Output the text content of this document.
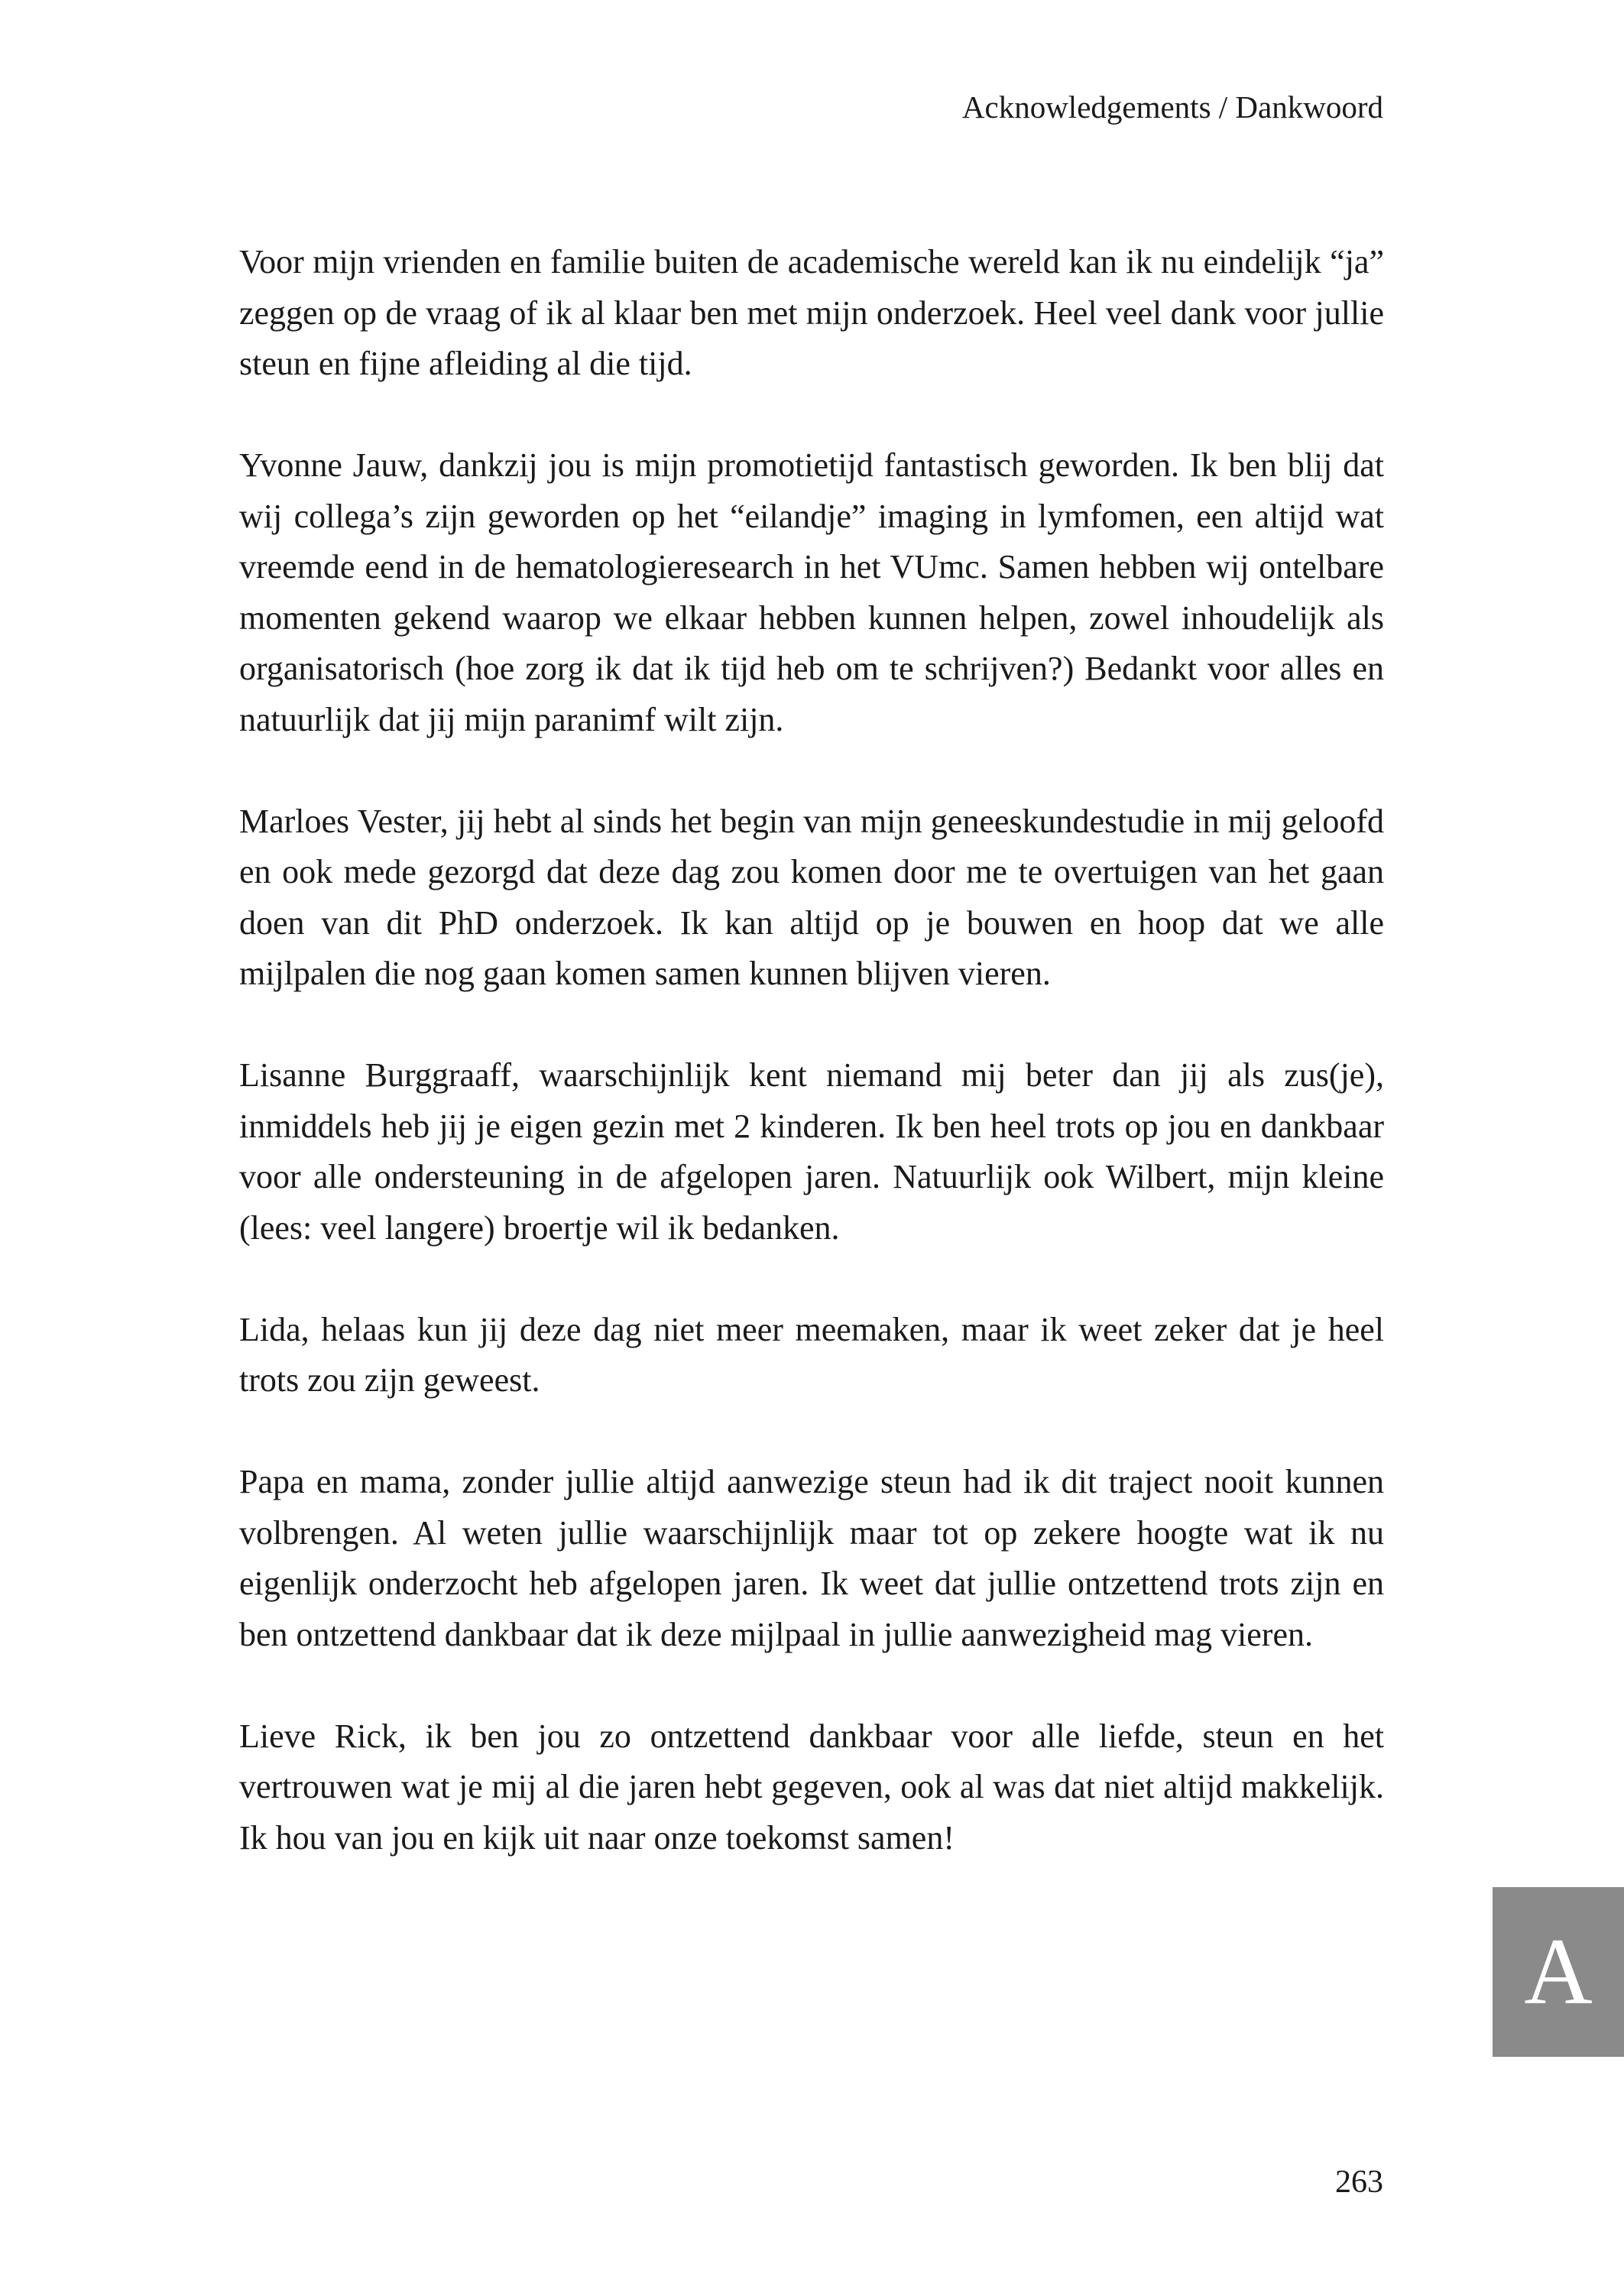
Acknowledgements / Dankwoord

Voor mijn vrienden en familie buiten de academische wereld kan ik nu eindelijk “ja” zeggen op de vraag of ik al klaar ben met mijn onderzoek. Heel veel dank voor jullie steun en fijne afleiding al die tijd.

Yvonne Jauw, dankzij jou is mijn promotietijd fantastisch geworden. Ik ben blij dat wij collega’s zijn geworden op het “eilandje” imaging in lymfomen, een altijd wat vreemde eend in de hematologieresearch in het VUmc. Samen hebben wij ontelbare momenten gekend waarop we elkaar hebben kunnen helpen, zowel inhoudelijk als organisatorisch (hoe zorg ik dat ik tijd heb om te schrijven?) Bedankt voor alles en natuurlijk dat jij mijn paranimf wilt zijn.

Marloes Vester, jij hebt al sinds het begin van mijn geneeskundestudie in mij geloofd en ook mede gezorgd dat deze dag zou komen door me te overtuigen van het gaan doen van dit PhD onderzoek. Ik kan altijd op je bouwen en hoop dat we alle mijlpalen die nog gaan komen samen kunnen blijven vieren.

Lisanne Burggraaff, waarschijnlijk kent niemand mij beter dan jij als zus(je), inmiddels heb jij je eigen gezin met 2 kinderen. Ik ben heel trots op jou en dankbaar voor alle ondersteuning in de afgelopen jaren. Natuurlijk ook Wilbert, mijn kleine (lees: veel langere) broertje wil ik bedanken.

Lida, helaas kun jij deze dag niet meer meemaken, maar ik weet zeker dat je heel trots zou zijn geweest.

Papa en mama, zonder jullie altijd aanwezige steun had ik dit traject nooit kunnen volbrengen. Al weten jullie waarschijnlijk maar tot op zekere hoogte wat ik nu eigenlijk onderzocht heb afgelopen jaren. Ik weet dat jullie ontzettend trots zijn en ben ontzettend dankbaar dat ik deze mijlpaal in jullie aanwezigheid mag vieren.

Lieve Rick, ik ben jou zo ontzettend dankbaar voor alle liefde, steun en het vertrouwen wat je mij al die jaren hebt gegeven, ook al was dat niet altijd makkelijk. Ik hou van jou en kijk uit naar onze toekomst samen!

A
263
